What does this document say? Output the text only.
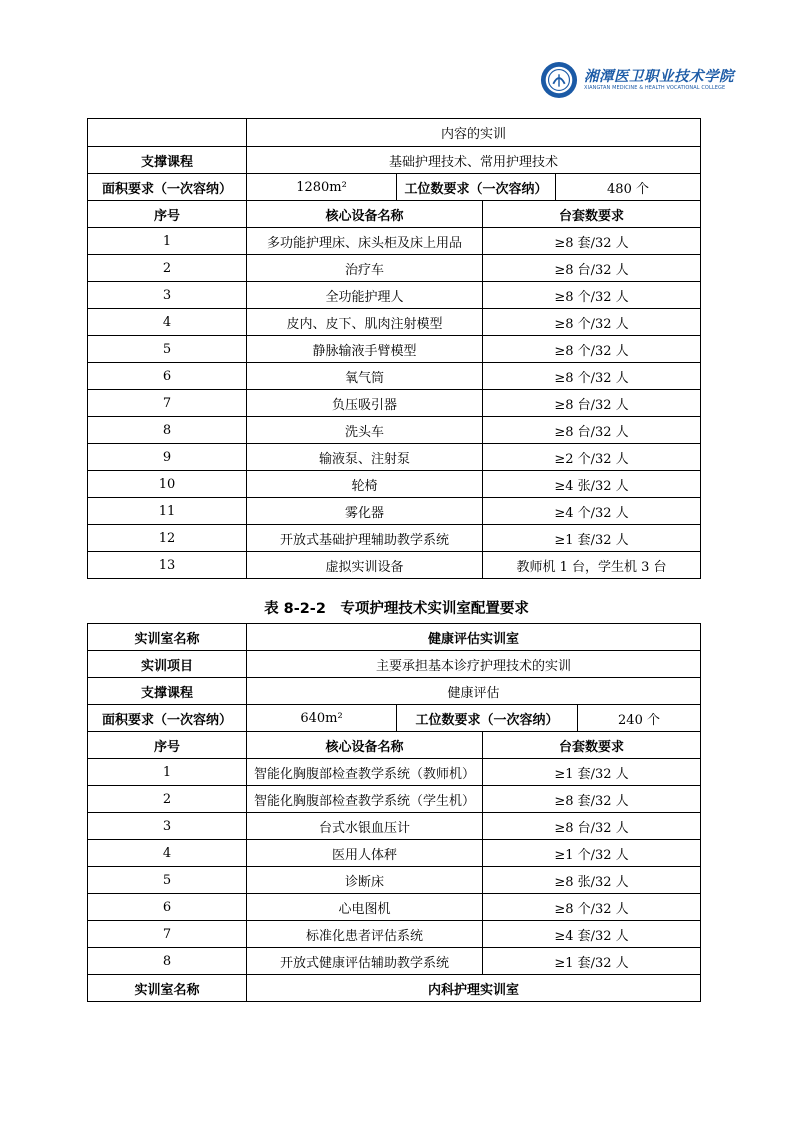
湘潭医卫职业技术学院
XIANGTAN MEDICINE & HEALTH VOCATIONAL COLLEGE
	内容的实训			
支撑课程	基础护理技术、常用护理技术			
面积要求（一次容纳）	1280m²	工位数要求（一次容纳）		480 个
序号	核心设备名称		台套数要求	
1	多功能护理床、床头柜及床上用品		≥8 套/32 人	
2	治疗车		≥8 台/32 人	
3	全功能护理人		≥8 个/32 人	
4	皮内、皮下、肌肉注射模型		≥8 个/32 人	
5	静脉输液手臂模型		≥8 个/32 人	
6	氧气筒		≥8 个/32 人	
7	负压吸引器		≥8 台/32 人	
8	洗头车		≥8 台/32 人	
9	输液泵、注射泵		≥2 个/32 人	
10	轮椅		≥4 张/32 人	
11	雾化器		≥4 个/32 人	
12	开放式基础护理辅助教学系统		≥1 套/32 人	
13	虚拟实训设备		教师机 1 台，学生机 3 台	
表 8-2-2　专项护理技术实训室配置要求
实训室名称	健康评估实训室			
实训项目	主要承担基本诊疗护理技术的实训			
支撑课程	健康评估			
面积要求（一次容纳）	640m²	工位数要求（一次容纳）		240 个
序号	核心设备名称		台套数要求	
1	智能化胸腹部检查教学系统（教师机）		≥1 套/32 人	
2	智能化胸腹部检查教学系统（学生机）		≥8 套/32 人	
3	台式水银血压计		≥8 台/32 人	
4	医用人体秤		≥1 个/32 人	
5	诊断床		≥8 张/32 人	
6	心电图机		≥8 个/32 人	
7	标准化患者评估系统		≥4 套/32 人	
8	开放式健康评估辅助教学系统		≥1 套/32 人	
实训室名称	内科护理实训室			
